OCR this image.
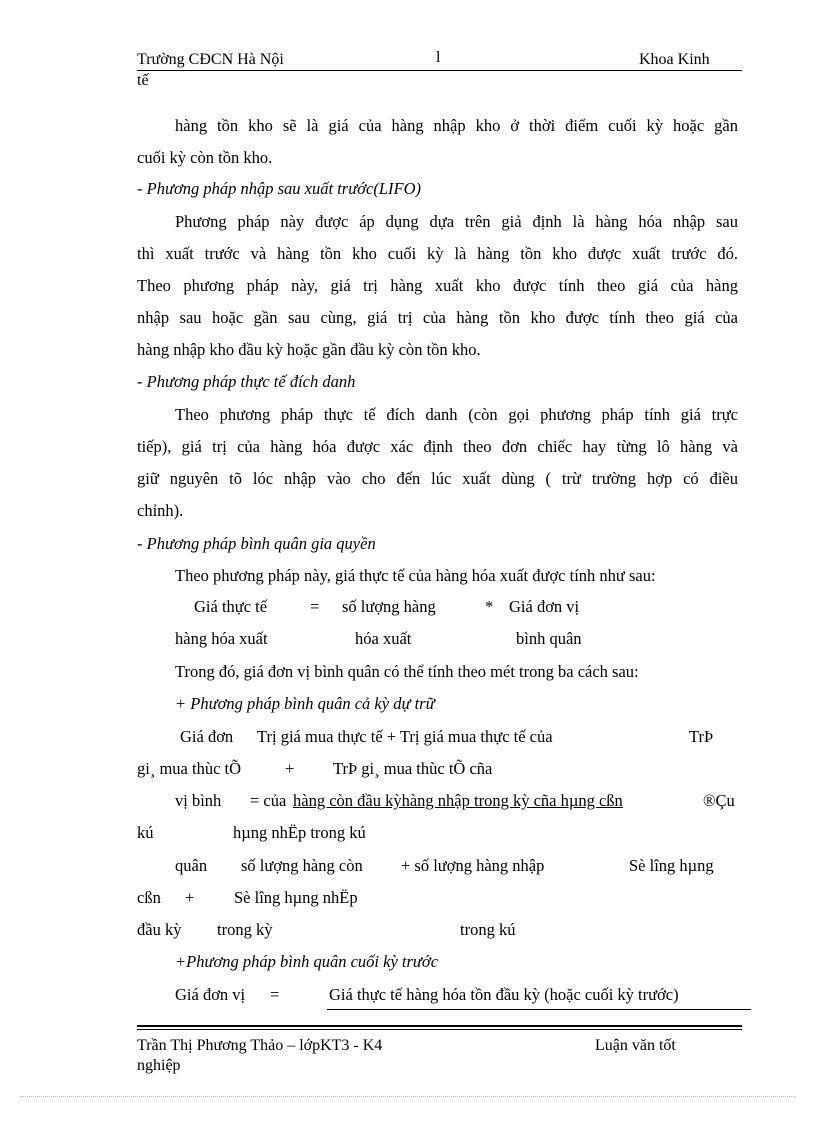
Trường CĐCN Hà Nội	l	Khoa Kinh
tế
hàng tồn kho sẽ là giá của hàng nhập kho ở thời điểm cuối kỳ hoặc gần
cuối kỳ còn tồn kho.
- Phương pháp nhập sau xuất trước(LIFO)
Phương pháp này được áp dụng dựa trên giả định là hàng hóa nhập sau
thì xuất trước và hàng tồn kho cuối kỳ là hàng tồn kho được xuất trước đó.
Theo phương pháp này, giá trị hàng xuất kho được tính theo giá của hàng
nhập sau hoặc gần sau cùng, giá trị của hàng tồn kho được tính theo giá của
hàng nhập kho đầu kỳ hoặc gần đầu kỳ còn tồn kho.
- Phương pháp thực tế đích danh
Theo phương pháp thực tế đích danh (còn gọi phương pháp tính giá trực
tiếp), giá trị của hàng hóa được xác định theo đơn chiếc hay từng lô hàng và
giữ nguyên tõ lóc nhập vào cho đến lúc xuất dùng ( trừ trường hợp có điều
chỉnh).
- Phương pháp bình quân gia quyền
Theo phương pháp này, giá thực tế của hàng hóa xuất được tính như sau:
Giá thực tế	= số lượng hàng	* Giá đơn vị
hàng hóa xuất	hóa xuất	bình quân
Trong đó, giá đơn vị bình quân có thể tính theo mét trong ba cách sau:
+ Phương pháp bình quân cả kỳ dự trữ
Giá đơn Trị giá mua thực tế + Trị giá mua thực tế của	TrÞ
gi¸ mua thùc tÕ	+ TrÞ gi¸ mua thùc tÕ cña
vị bình = của hàng còn đầu kỳhàng nhập trong kỳ cña hµng cßn	®Çu
kú	hµng nhËp trong kú
quân số lượng hàng còn + số lượng hàng nhập	Sè lîng hµng
cßn + Sè lîng hµng nhËp
đầu kỳ trong kỳ	trong kú
+Phương pháp bình quân cuối kỳ trước
Giá đơn vị =	Giá thực tế hàng hóa tồn đầu kỳ (hoặc cuối kỳ trước)
Trần Thị Phương Thảo – lớpKT3 - K4	Luận văn tốt
nghiệp
